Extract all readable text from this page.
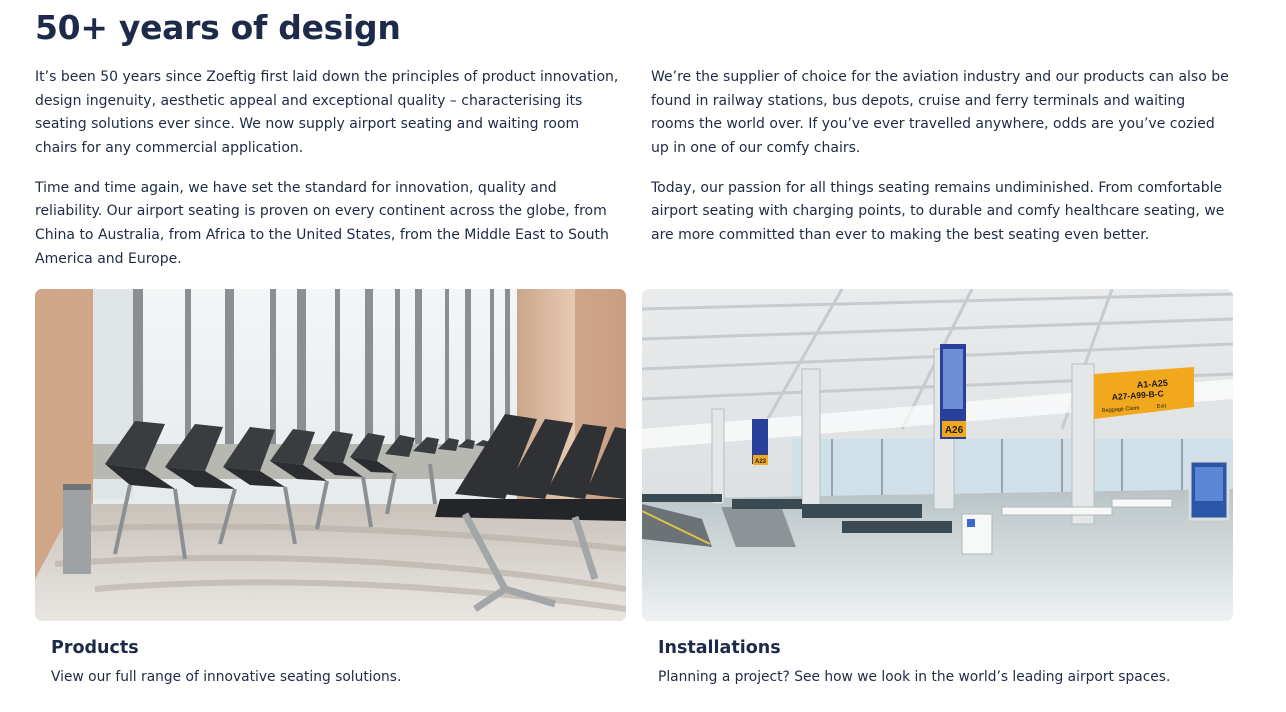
50+ years of design

It’s been 50 years since Zoeftig first laid down the principles of product innovation, design ingenuity, aesthetic appeal and exceptional quality – characterising its seating solutions ever since. We now supply airport seating and waiting room chairs for any commercial application.

Time and time again, we have set the standard for innovation, quality and reliability. Our airport seating is proven on every continent across the globe, from China to Australia, from Africa to the United States, from the Middle East to South America and Europe.

We’re the supplier of choice for the aviation industry and our products can also be found in railway stations, bus depots, cruise and ferry terminals and waiting rooms the world over. If you’ve ever travelled anywhere, odds are you’ve cozied up in one of our comfy chairs.

Today, our passion for all things seating remains undiminished. From comfortable airport seating with charging points, to durable and comfy healthcare seating, we are more committed than ever to making the best seating even better.

Products
View our full range of innovative seating solutions.
A26
A23
A1-A25
A27-A99-B-C
Baggage Claim	Exit
Installations
Planning a project? See how we look in the world’s leading airport spaces.
